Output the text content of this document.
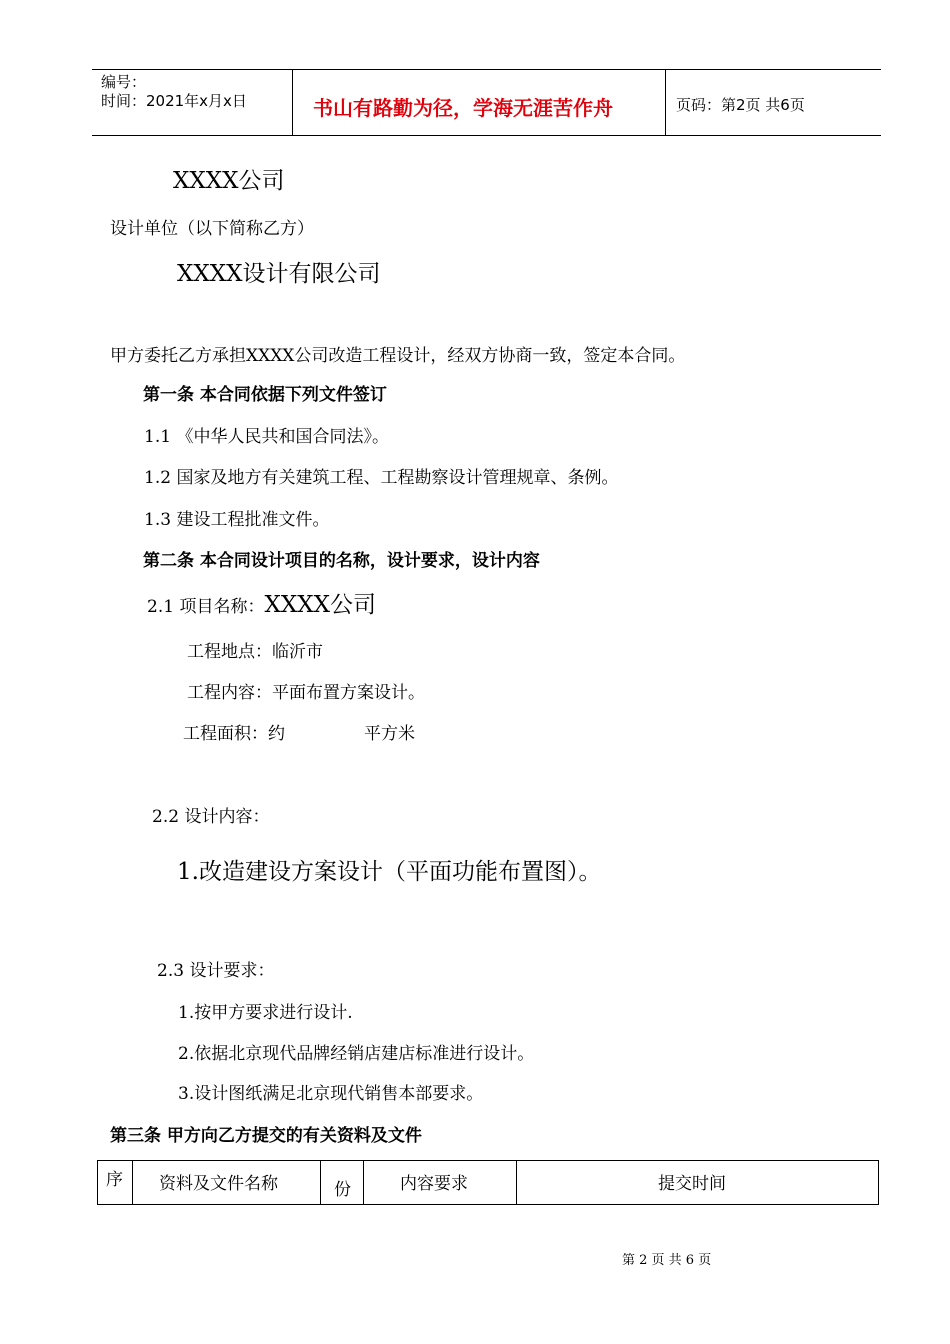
编号：
时间：2021年x月x日	书山有路勤为径，学海无涯苦作舟	页码：第2页 共6页
XXXX公司
设计单位（以下简称乙方）
XXXX设计有限公司
甲方委托乙方承担XXXX公司改造工程设计，经双方协商一致，签定本合同。
第一条 本合同依据下列文件签订
1.1 《中华人民共和国合同法》。
1.2 国家及地方有关建筑工程、工程勘察设计管理规章、条例。
1.3 建设工程批准文件。
第二条 本合同设计项目的名称，设计要求，设计内容
2.1 项目名称：XXXX公司
工程地点：临沂市
工程内容：平面布置方案设计。
工程面积：约	平方米
2.2 设计内容：
1.改造建设方案设计（平面功能布置图）。
2.3 设计要求：
1.按甲方要求进行设计.
2.依据北京现代品牌经销店建店标准进行设计。
3.设计图纸满足北京现代销售本部要求。
第三条 甲方向乙方提交的有关资料及文件
序 资料及文件名称	份	内容要求	提交时间
第 2 页 共 6 页
